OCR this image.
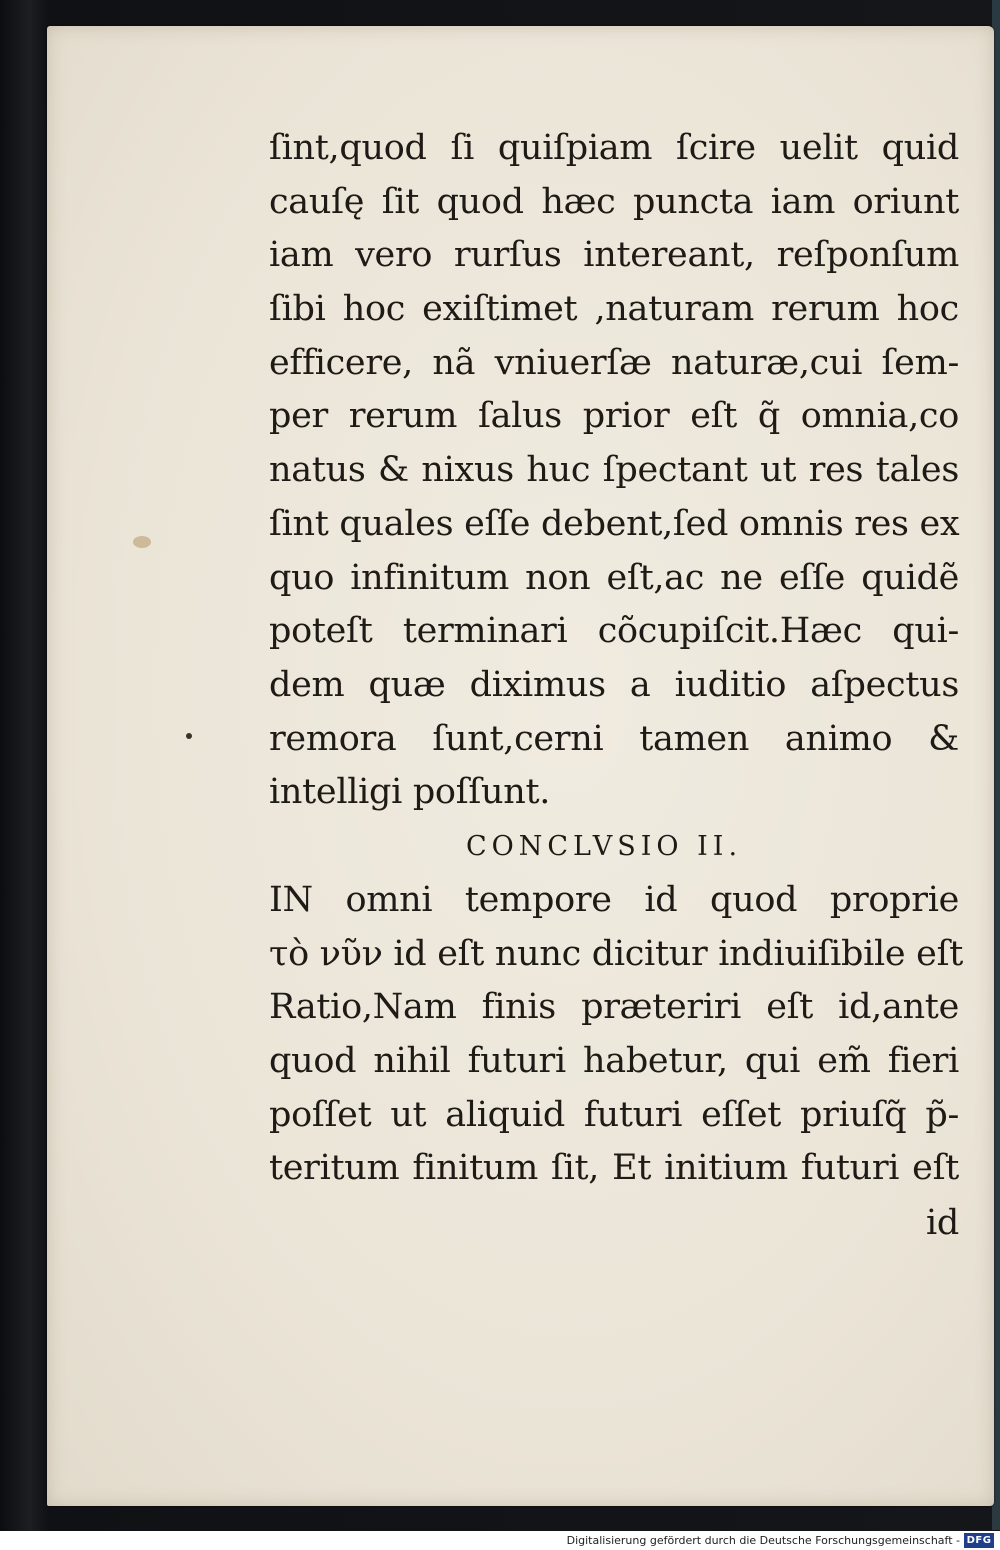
ſint,quod ſi quiſpiam ſcire uelit quid
cauſę ſit quod hæc puncta iam oriunt
iam vero rurſus intereant, reſponſum
ſibi hoc exiſtimet ,naturam rerum hoc
efficere, nã vniuerſæ naturæ,cui ſem-
per rerum ſalus prior eſt q̃ omnia,co
natus & nixus huc ſpectant ut res tales
ſint quales eſſe debent,ſed omnis res ex
quo infinitum non eſt,ac ne eſſe quidẽ
poteſt terminari cõcupiſcit.Hæc qui-
dem quæ diximus a iuditio aſpectus
remora ſunt,cerni tamen animo &
intelligi poſſunt.
CONCLVSIO II.
IN omni tempore id quod proprie
τὸ νῦν id eſt nunc dicitur indiuiſibile eſt
Ratio,Nam finis præteriri eſt id,ante
quod nihil futuri habetur, qui em̃ fieri
poſſet ut aliquid futuri eſſet priuſq̃ p̃-
teritum finitum ſit, Et initium futuri eſt
id
Digitalisierung gefördert durch die Deutsche Forschungsgemeinschaft - DFG
